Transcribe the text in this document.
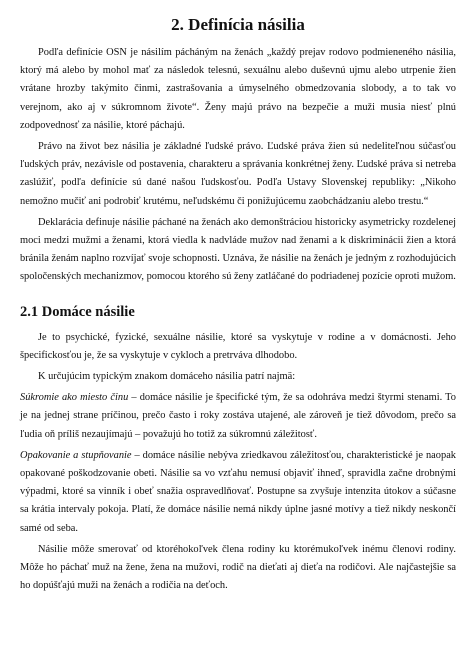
2. Definícia násilia

Podľa definície OSN je násilím pácháným na ženách „každý prejav rodovo podmieneného násilia, ktorý má alebo by mohol mať za následok telesnú, sexuálnu alebo duševnú ujmu alebo utrpenie žien vrátane hrozby takýmito činmi, zastrašovania a úmyselného obmedzovania slobody, a to tak vo verejnom, ako aj v súkromnom živote“. Ženy majú právo na bezpečie a muži musia niesť plnú zodpovednosť za násilie, ktoré páchajú.

Právo na život bez násilia je základné ľudské právo. Ľudské práva žien sú nedeliteľnou súčasťou ľudských práv, nezávisle od postavenia, charakteru a správania konkrétnej ženy. Ľudské práva si netreba zaslúžiť, podľa definície sú dané našou ľudskosťou. Podľa Ustavy Slovenskej republiky: „Nikoho nemožno mučiť ani podrobiť krutému, neľudskému či ponižujúcemu zaobchádzaniu alebo trestu.“

Deklarácia definuje násilie páchané na ženách ako demonštráciou historicky asymetricky rozdelenej moci medzi mužmi a ženami, ktorá viedla k nadvláde mužov nad ženami a k diskriminácii žien a ktorá bránila ženám naplno rozvíjať svoje schopnosti. Uznáva, že násilie na ženách je jedným z rozhodujúcich spoločenských mechanizmov, pomocou ktorého sú ženy zatláčané do podriadenej pozície oproti mužom.

2.1 Domáce násilie

Je to psychické, fyzické, sexuálne násilie, ktoré sa vyskytuje v rodine a v domácnosti. Jeho špecifickosťou je, že sa vyskytuje v cykloch a pretrváva dlhodobo.

K určujúcim typickým znakom domáceho násilia patrí najmä:

Súkromie ako miesto činu – domáce násilie je špecifické tým, že sa odohráva medzi štyrmi stenami. To je na jednej strane príčinou, prečo často i roky zostáva utajené, ale zároveň je tiež dôvodom, prečo sa ľudia oň príliš nezaujímajú – považujú ho totiž za súkromnú záležitosť.

Opakovanie a stupňovanie – domáce násilie nebýva zriedkavou záležitosťou, charakteristické je naopak opakované poškodzovanie obeti. Násilie sa vo vzťahu nemusí objaviť ihneď, spravidla začne drobnými výpadmi, ktoré sa vinník i obeť snažia ospravedlňovať. Postupne sa zvyšuje intenzita útokov a súčasne sa krátia intervaly pokoja. Platí, že domáce násilie nemá nikdy úplne jasné motívy a tiež nikdy neskončí samé od seba.

Násilie môže smerovať od ktoréhokoľvek člena rodiny ku ktorémukoľvek inému členovi rodiny. Môže ho páchať muž na žene, žena na mužovi, rodič na dieťati aj dieťa na rodičovi. Ale najčastejšie sa ho dopúšťajú muži na ženách a rodičia na deťoch.
